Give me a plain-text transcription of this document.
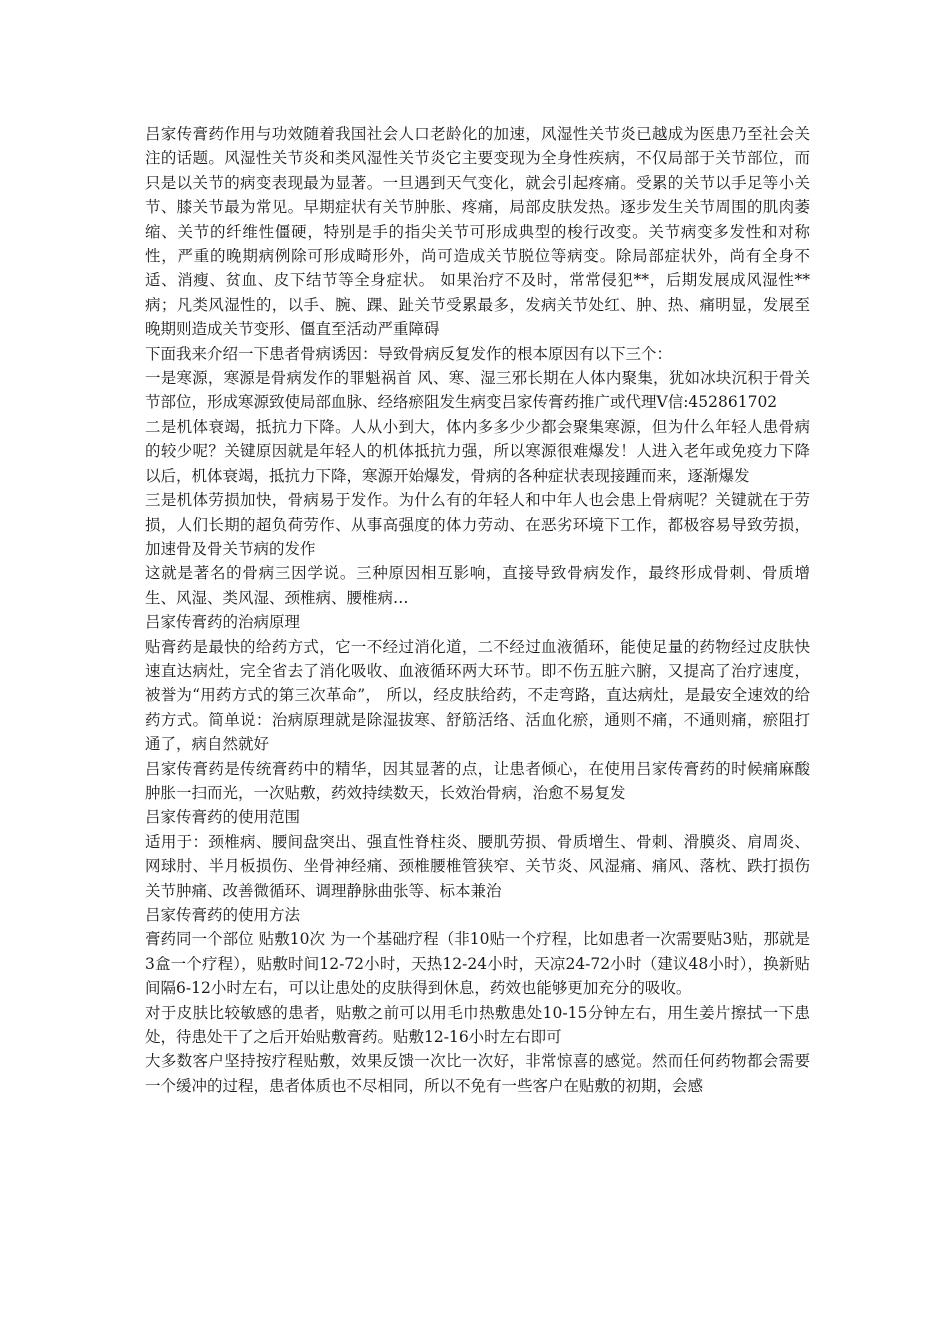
吕家传膏药作用与功效随着我国社会人口老龄化的加速，风湿性关节炎已越成为医患乃至社会关注的话题。风湿性关节炎和类风湿性关节炎它主要变现为全身性疾病，不仅局部于关节部位，而只是以关节的病变表现最为显著。一旦遇到天气变化，就会引起疼痛。受累的关节以手足等小关节、膝关节最为常见。早期症状有关节肿胀、疼痛，局部皮肤发热。逐步发生关节周围的肌肉萎缩、关节的纤维性僵硬，特别是手的指尖关节可形成典型的梭行改变。关节病变多发性和对称性，严重的晚期病例除可形成畸形外，尚可造成关节脱位等病变。除局部症状外，尚有全身不适、消瘦、贫血、皮下结节等全身症状。 如果治疗不及时，常常侵犯**，后期发展成风湿性**病；凡类风湿性的，以手、腕、踝、趾关节受累最多，发病关节处红、肿、热、痛明显，发展至晚期则造成关节变形、僵直至活动严重障碍

下面我来介绍一下患者骨病诱因：导致骨病反复发作的根本原因有以下三个：

一是寒源，寒源是骨病发作的罪魁祸首 风、寒、湿三邪长期在人体内聚集，犹如冰块沉积于骨关节部位，形成寒源致使局部血脉、经络瘀阻发生病变吕家传膏药推广或代理V信:452861702

二是机体衰竭，抵抗力下降。人从小到大，体内多多少少都会聚集寒源，但为什么年轻人患骨病的较少呢？关键原因就是年轻人的机体抵抗力强，所以寒源很难爆发！人进入老年或免疫力下降以后，机体衰竭，抵抗力下降，寒源开始爆发，骨病的各种症状表现接踵而来，逐渐爆发

三是机体劳损加快，骨病易于发作。为什么有的年轻人和中年人也会患上骨病呢？关键就在于劳损，人们长期的超负荷劳作、从事高强度的体力劳动、在恶劣环境下工作，都极容易导致劳损，加速骨及骨关节病的发作

这就是著名的骨病三因学说。三种原因相互影响，直接导致骨病发作，最终形成骨刺、骨质增生、风湿、类风湿、颈椎病、腰椎病…

吕家传膏药的治病原理

贴膏药是最快的给药方式，它一不经过消化道，二不经过血液循环，能使足量的药物经过皮肤快速直达病灶，完全省去了消化吸收、血液循环两大环节。即不伤五脏六腑，又提高了治疗速度，被誉为“用药方式的第三次革命”， 所以，经皮肤给药，不走弯路，直达病灶，是最安全速效的给药方式。简单说：治病原理就是除湿拔寒、舒筋活络、活血化瘀，通则不痛，不通则痛，瘀阻打通了，病自然就好

吕家传膏药是传统膏药中的精华，因其显著的点，让患者倾心，在使用吕家传膏药的时候痛麻酸肿胀一扫而光，一次贴敷，药效持续数天，长效治骨病，治愈不易复发

吕家传膏药的使用范围

适用于：颈椎病、腰间盘突出、强直性脊柱炎、腰肌劳损、骨质增生、骨刺、滑膜炎、肩周炎、网球肘、半月板损伤、坐骨神经痛、颈椎腰椎管狭窄、关节炎、风湿痛、痛风、落枕、跌打损伤关节肿痛、改善微循环、调理静脉曲张等、标本兼治

吕家传膏药的使用方法

膏药同一个部位 贴敷10次 为一个基础疗程（非10贴一个疗程，比如患者一次需要贴3贴，那就是3盒一个疗程），贴敷时间12-72小时，天热12-24小时，天凉24-72小时（建议48小时），换新贴间隔6-12小时左右，可以让患处的皮肤得到休息，药效也能够更加充分的吸收。

对于皮肤比较敏感的患者，贴敷之前可以用毛巾热敷患处10-15分钟左右，用生姜片擦拭一下患处，待患处干了之后开始贴敷膏药。贴敷12-16小时左右即可

大多数客户坚持按疗程贴敷，效果反馈一次比一次好，非常惊喜的感觉。然而任何药物都会需要一个缓冲的过程，患者体质也不尽相同，所以不免有一些客户在贴敷的初期，会感
